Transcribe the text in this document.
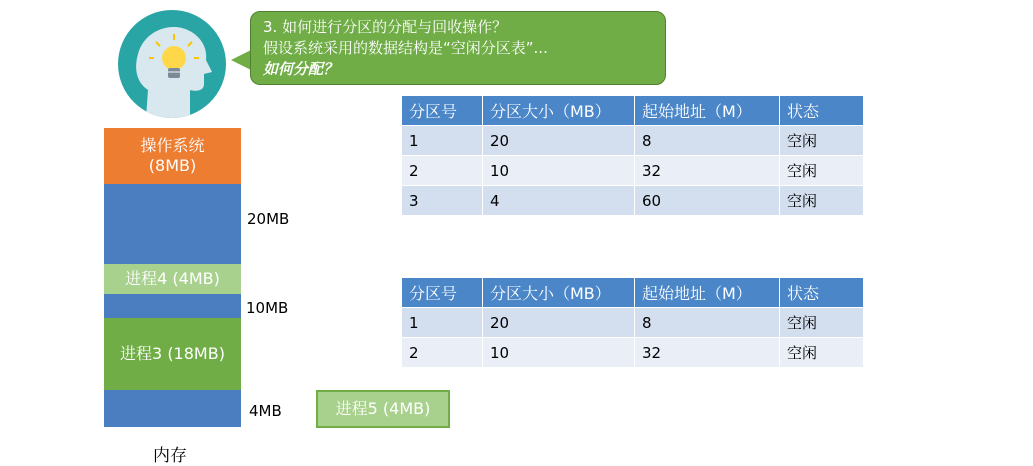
3. 如何进行分区的分配与回收操作？
假设系统采用的数据结构是“空闲分区表”...
如何分配？
操作系统
(8MB)
进程4 (4MB)
进程3 (18MB)
进程5 (4MB)
20MB
10MB
4MB
内存
分区号	分区大小（MB）	起始地址（M）	状态
1	20	8	空闲
2	10	32	空闲
3	4	60	空闲
分区号	分区大小（MB）	起始地址（M）	状态
1	20	8	空闲
2	10	32	空闲
